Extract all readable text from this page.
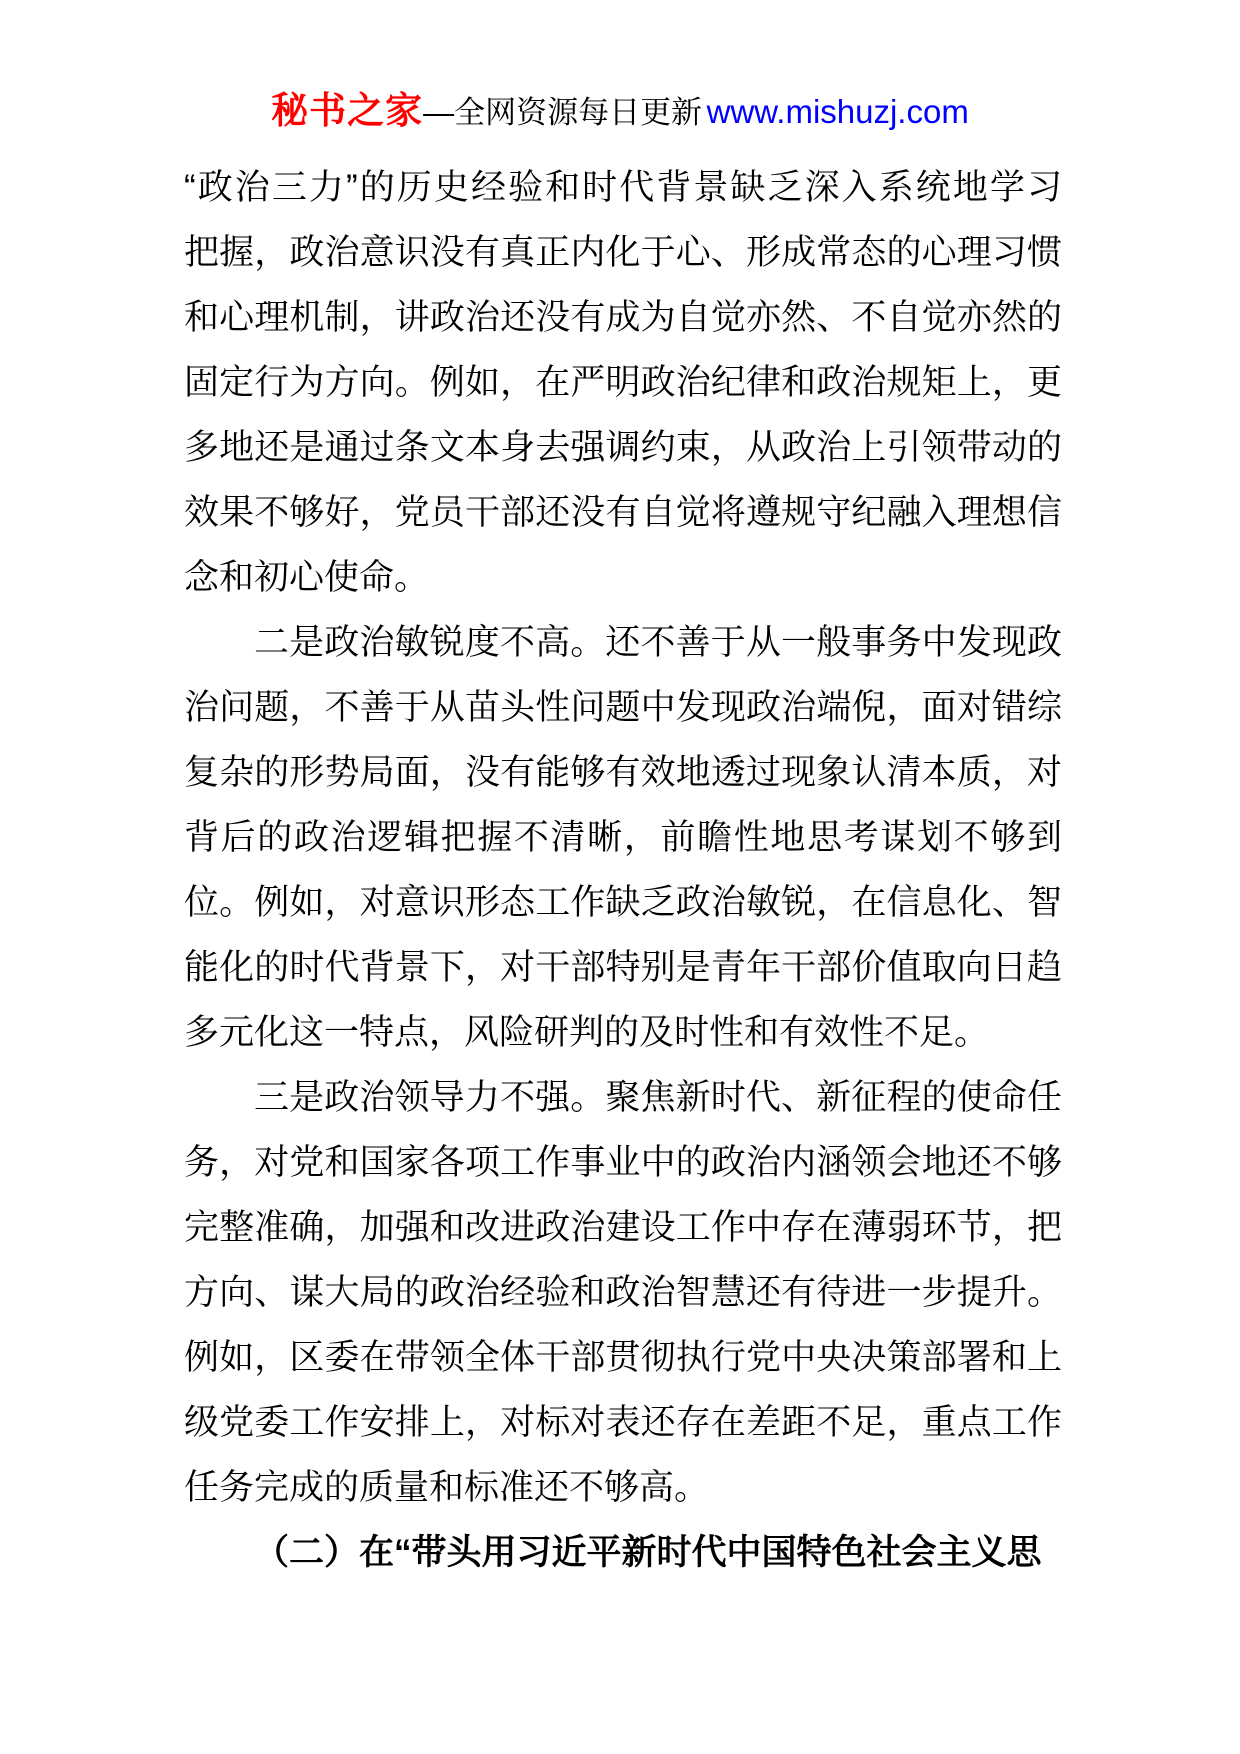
秘书之家—全网资源每日更新 www.mishuzj.com
“政治三力”的历史经验和时代背景缺乏深入系统地学习
把握，政治意识没有真正内化于心、形成常态的心理习惯
和心理机制，讲政治还没有成为自觉亦然、不自觉亦然的
固定行为方向。例如，在严明政治纪律和政治规矩上，更
多地还是通过条文本身去强调约束，从政治上引领带动的
效果不够好，党员干部还没有自觉将遵规守纪融入理想信
念和初心使命。
二是政治敏锐度不高。还不善于从一般事务中发现政
治问题，不善于从苗头性问题中发现政治端倪，面对错综
复杂的形势局面，没有能够有效地透过现象认清本质，对
背后的政治逻辑把握不清晰，前瞻性地思考谋划不够到
位。例如，对意识形态工作缺乏政治敏锐，在信息化、智
能化的时代背景下，对干部特别是青年干部价值取向日趋
多元化这一特点，风险研判的及时性和有效性不足。
三是政治领导力不强。聚焦新时代、新征程的使命任
务，对党和国家各项工作事业中的政治内涵领会地还不够
完整准确，加强和改进政治建设工作中存在薄弱环节，把
方向、谋大局的政治经验和政治智慧还有待进一步提升。
例如，区委在带领全体干部贯彻执行党中央决策部署和上
级党委工作安排上，对标对表还存在差距不足，重点工作
任务完成的质量和标准还不够高。
（二）在“带头用习近平新时代中国特色社会主义思
